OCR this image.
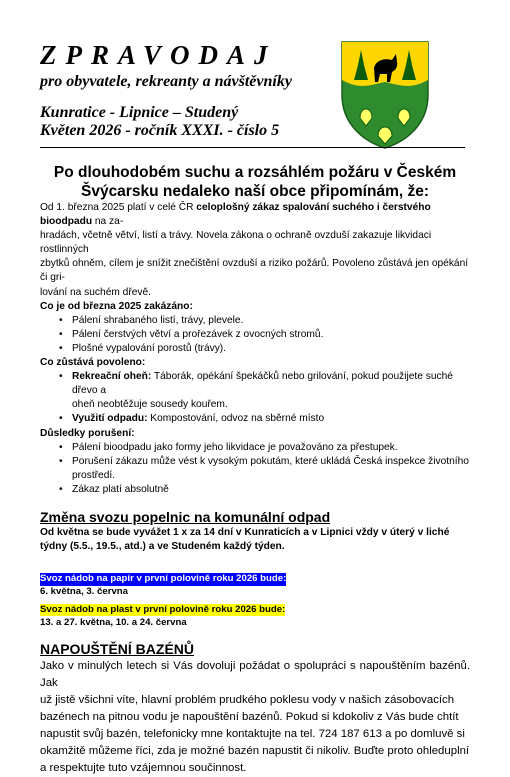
ZPRAVODAJ
pro obyvatele, rekreanty a návštěvníky
Kunratice - Lipnice – Studený
Květen 2026 - ročník XXXI. - číslo 5

Po dlouhodobém suchu a rozsáhlém požáru v Českém

Švýcarsku nedaleko naší obce připomínám, že:

Od 1. března 2025 platí v celé ČR celoplošný zákaz spalování suchého i čerstvého bioodpadu na za-

hradách, včetně větví, listí a trávy. Novela zákona o ochraně ovzduší zakazuje likvidaci rostlinných

zbytků ohněm, cílem je snížit znečištění ovzduší a riziko požárů. Povoleno zůstává jen opékání či gri-

lování na suchém dřevě.

Co je od března 2025 zakázáno:

• Pálení shrabaného listí, trávy, plevele.
• Pálení čerstvých větví a prořezávek z ovocných stromů.
• Plošné vypalování porostů (trávy).

Co zůstává povoleno:

• Rekreační oheň: Táborák, opékání špekáčků nebo grilování, pokud použijete suché dřevo a
oheň neobtěžuje sousedy kouřem.
• Využití odpadu: Kompostování, odvoz na sběrné místo

Důsledky porušení:

• Pálení bioodpadu jako formy jeho likvidace je považováno za přestupek.
• Porušení zákazu může vést k vysokým pokutám, které ukládá Česká inspekce životního
prostředí.
• Zákaz platí absolutně

Změna svozu popelnic na komunální odpad

Od května se bude vyvážet 1 x za 14 dní v Kunraticích a v Lipnici vždy v úterý v liché

týdny (5.5., 19.5., atd.) a ve Studeném každý týden.

Svoz nádob na papír v první polovině roku 2026 bude:

6. května, 3. června

Svoz nádob na plast v první polovině roku 2026 bude:

13. a 27. května, 10. a 24. června

NAPOUŠTĚNÍ BAZÉNŮ

Jako v minulých letech si Vás dovoluji požádat o spolupráci s napouštěním bazénů. Jak

už jistě všichni víte, hlavní problém prudkého poklesu vody v našich zásobovacích

bazénech na pitnou vodu je napouštění bazénů. Pokud si kdokoliv z Vás bude chtít

napustit svůj bazén, telefonicky mne kontaktujte na tel. 724 187 613 a po domluvě si

okamžitě můžeme říci, zda je možné bazén napustit či nikoliv. Buďte proto ohleduplní

a respektujte tuto vzájemnou součinnost.
